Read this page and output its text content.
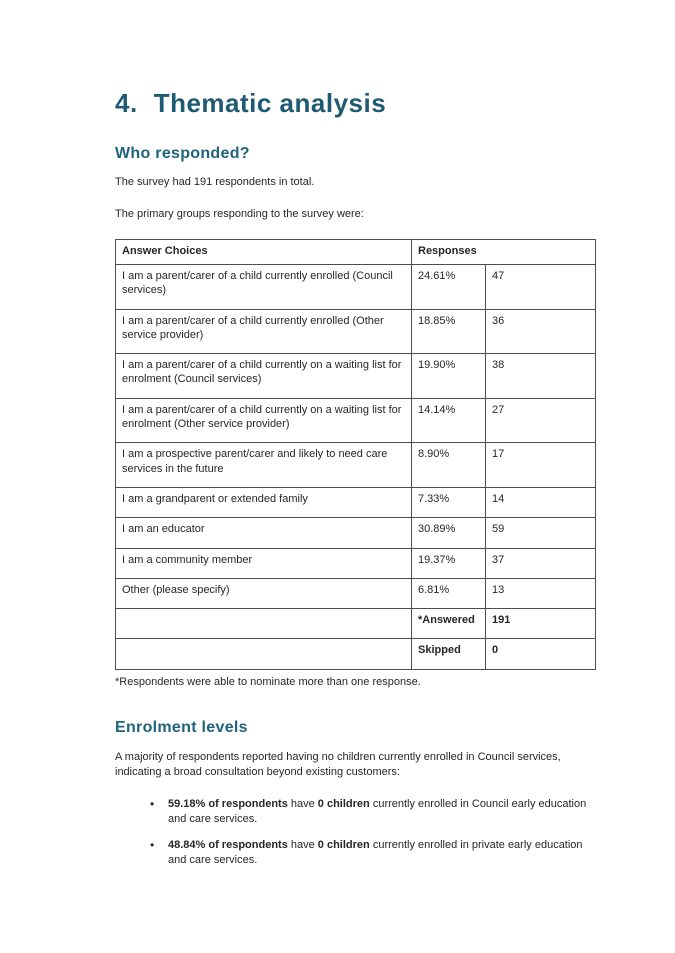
4. Thematic analysis
Who responded?

The survey had 191 respondents in total.

The primary groups responding to the survey were:

Answer Choices	Responses	
I am a parent/carer of a child currently enrolled (Council services)	24.61%	47
I am a parent/carer of a child currently enrolled (Other service provider)	18.85%	36
I am a parent/carer of a child currently on a waiting list for enrolment (Council services)	19.90%	38
I am a parent/carer of a child currently on a waiting list for enrolment (Other service provider)	14.14%	27
I am a prospective parent/carer and likely to need care services in the future	8.90%	17
I am a grandparent or extended family	7.33%	14
I am an educator	30.89%	59
I am a community member	19.37%	37
Other (please specify)	6.81%	13
	*Answered	191
	Skipped	0

*Respondents were able to nominate more than one response.

Enrolment levels

A majority of respondents reported having no children currently enrolled in Council services, indicating a broad consultation beyond existing customers:

• 59.18% of respondents have 0 children currently enrolled in Council early education and care services.
• 48.84% of respondents have 0 children currently enrolled in private early education and care services.
